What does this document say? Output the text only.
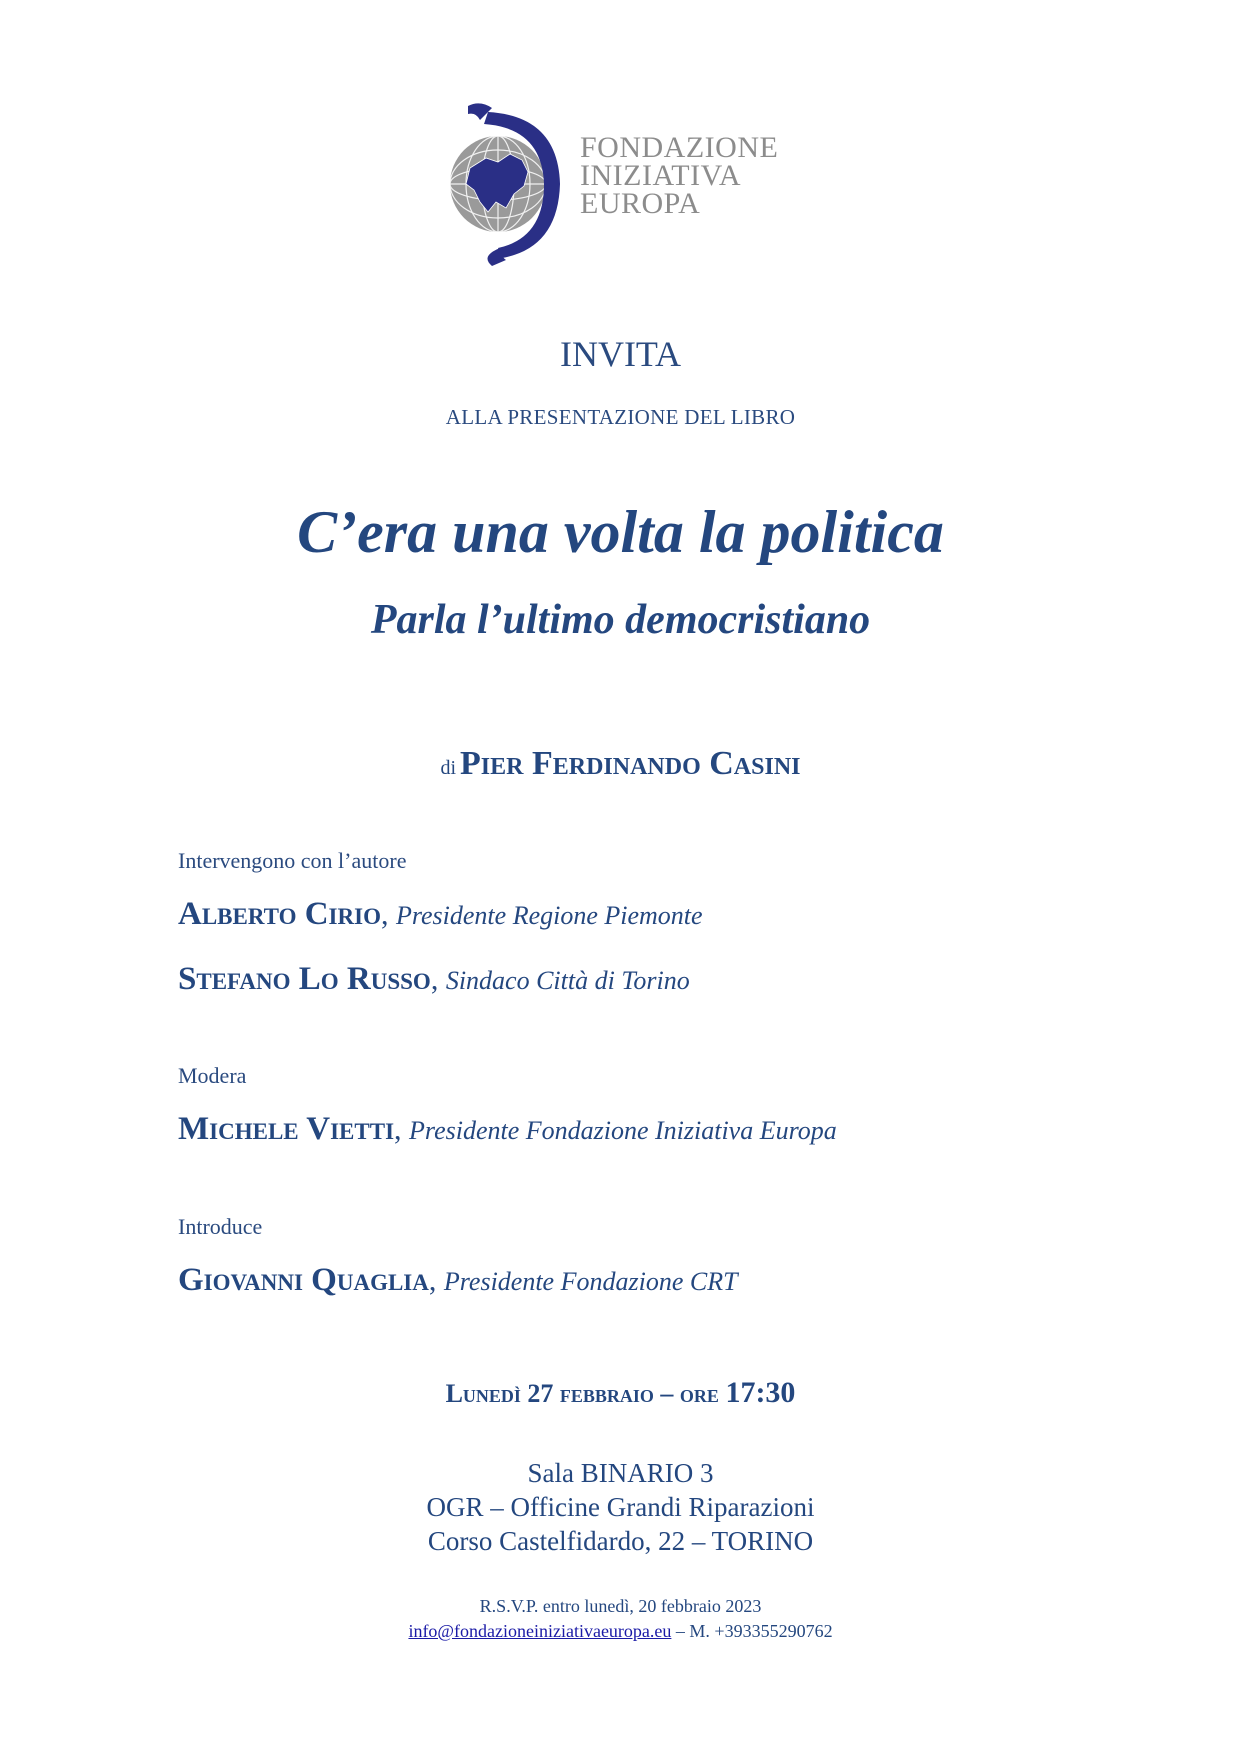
FONDAZIONE
INIZIATIVA
EUROPA
INVITA
ALLA PRESENTAZIONE DEL LIBRO
C’era una volta la politica
Parla l’ultimo democristiano
di Pier Ferdinando Casini
Intervengono con l’autore
Alberto Cirio, Presidente Regione Piemonte
Stefano Lo Russo, Sindaco Città di Torino
Modera
Michele Vietti, Presidente Fondazione Iniziativa Europa
Introduce
Giovanni Quaglia, Presidente Fondazione CRT
Lunedì 27 febbraio – ore 17:30
Sala BINARIO 3
OGR – Officine Grandi Riparazioni
Corso Castelfidardo, 22 – TORINO
R.S.V.P. entro lunedì, 20 febbraio 2023
info@fondazioneiniziativaeuropa.eu – M. +393355290762
